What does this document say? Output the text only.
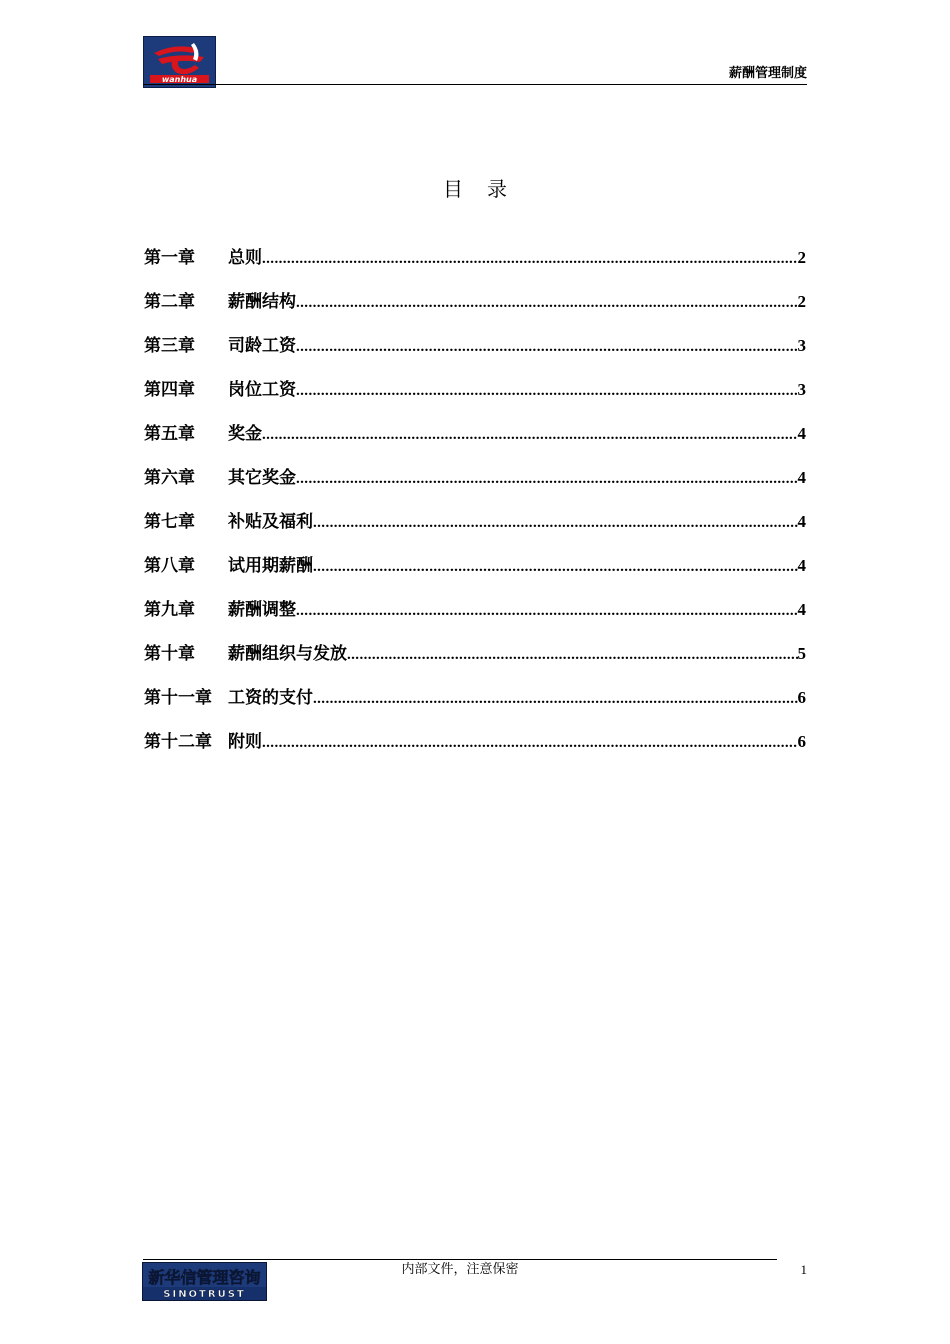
wanhua	薪酬管理制度
目录
第一章	总则 .....	2
第二章	薪酬结构 .....	2
第三章	司龄工资 .....	3
第四章	岗位工资 .....	3
第五章	奖金 .....	4
第六章	其它奖金 .....	4
第七章	补贴及福利 .....	4
第八章	试用期薪酬 .....	4
第九章	薪酬调整 .....	4
第十章	薪酬组织与发放 .....	5
第十一章 工资的支付 .....	6
第十二章 附则 .....	6
新华信管理咨询
SINOTRUST
内部文件，注意保密	1
